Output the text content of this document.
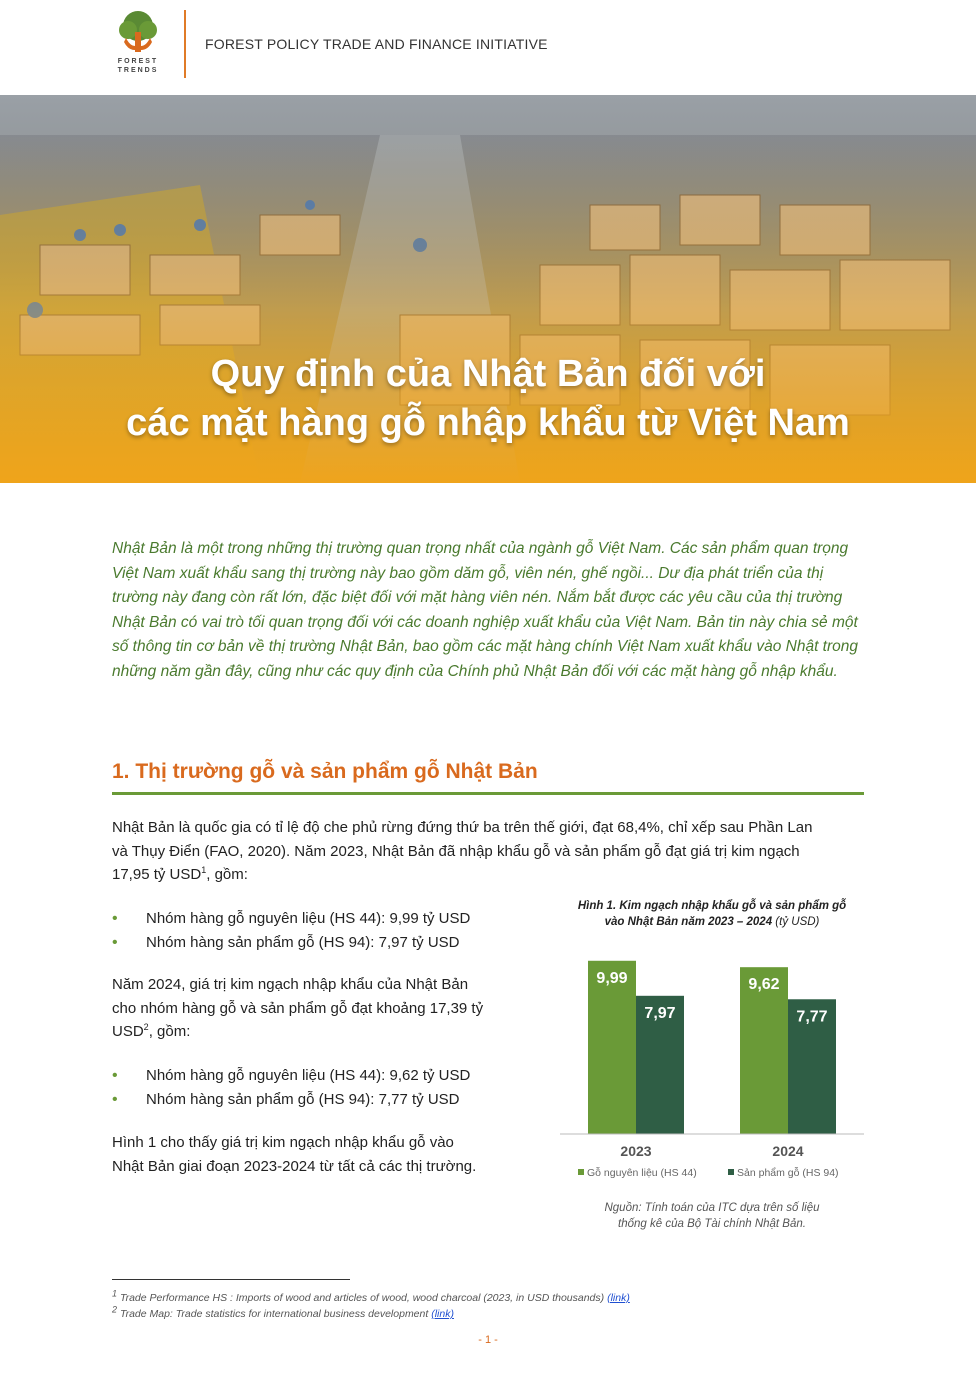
FOREST
TRENDS
FOREST POLICY TRADE AND FINANCE INITIATIVE
Quy định của Nhật Bản đối với
các mặt hàng gỗ nhập khẩu từ Việt Nam
Nhật Bản là một trong những thị trường quan trọng nhất của ngành gỗ Việt Nam. Các sản phẩm quan trọng Việt Nam xuất khẩu sang thị trường này bao gồm dăm gỗ, viên nén, ghế ngồi... Dư địa phát triển của thị trường này đang còn rất lớn, đặc biệt đối với mặt hàng viên nén. Nắm bắt được các yêu cầu của thị trường Nhật Bản có vai trò tối quan trọng đối với các doanh nghiệp xuất khẩu của Việt Nam. Bản tin này chia sẻ một số thông tin cơ bản về thị trường Nhật Bản, bao gồm các mặt hàng chính Việt Nam xuất khẩu vào Nhật trong những năm gần đây, cũng như các quy định của Chính phủ Nhật Bản đối với các mặt hàng gỗ nhập khẩu.
1. Thị trường gỗ và sản phẩm gỗ Nhật Bản
Nhật Bản là quốc gia có tỉ lệ độ che phủ rừng đứng thứ ba trên thế giới, đạt 68,4%, chỉ xếp sau Phần Lan
và Thụy Điển (FAO, 2020). Năm 2023, Nhật Bản đã nhập khẩu gỗ và sản phẩm gỗ đạt giá trị kim ngạch
17,95 tỷ USD$^1$, gồm:
• Nhóm hàng gỗ nguyên liệu (HS 44): 9,99 tỷ USD
• Nhóm hàng sản phẩm gỗ (HS 94): 7,97 tỷ USD
Năm 2024, giá trị kim ngạch nhập khẩu của Nhật Bản
cho nhóm hàng gỗ và sản phẩm gỗ đạt khoảng 17,39 tỷ
USD$^2$, gồm:
• Nhóm hàng gỗ nguyên liệu (HS 44): 9,62 tỷ USD
• Nhóm hàng sản phẩm gỗ (HS 94): 7,77 tỷ USD
Hình 1 cho thấy giá trị kim ngạch nhập khẩu gỗ vào
Nhật Bản giai đoạn 2023-2024 từ tất cả các thị trường.
Hình 1. Kim ngạch nhập khẩu gỗ và sản phẩm gỗ
vào Nhật Bản năm 2023 – 2024 (tỷ USD)
9,99
7,97
2023
9,62
7,77
2024
Gỗ nguyên liệu (HS 44)	Sản phẩm gỗ (HS 94)
Nguồn: Tính toán của ITC dựa trên số liệu
thống kê của Bộ Tài chính Nhật Bản.
$^1$ Trade Performance HS : Imports of wood and articles of wood, wood charcoal (2023, in USD thousands) (link)
$^2$ Trade Map: Trade statistics for international business development (link)
- 1 -
